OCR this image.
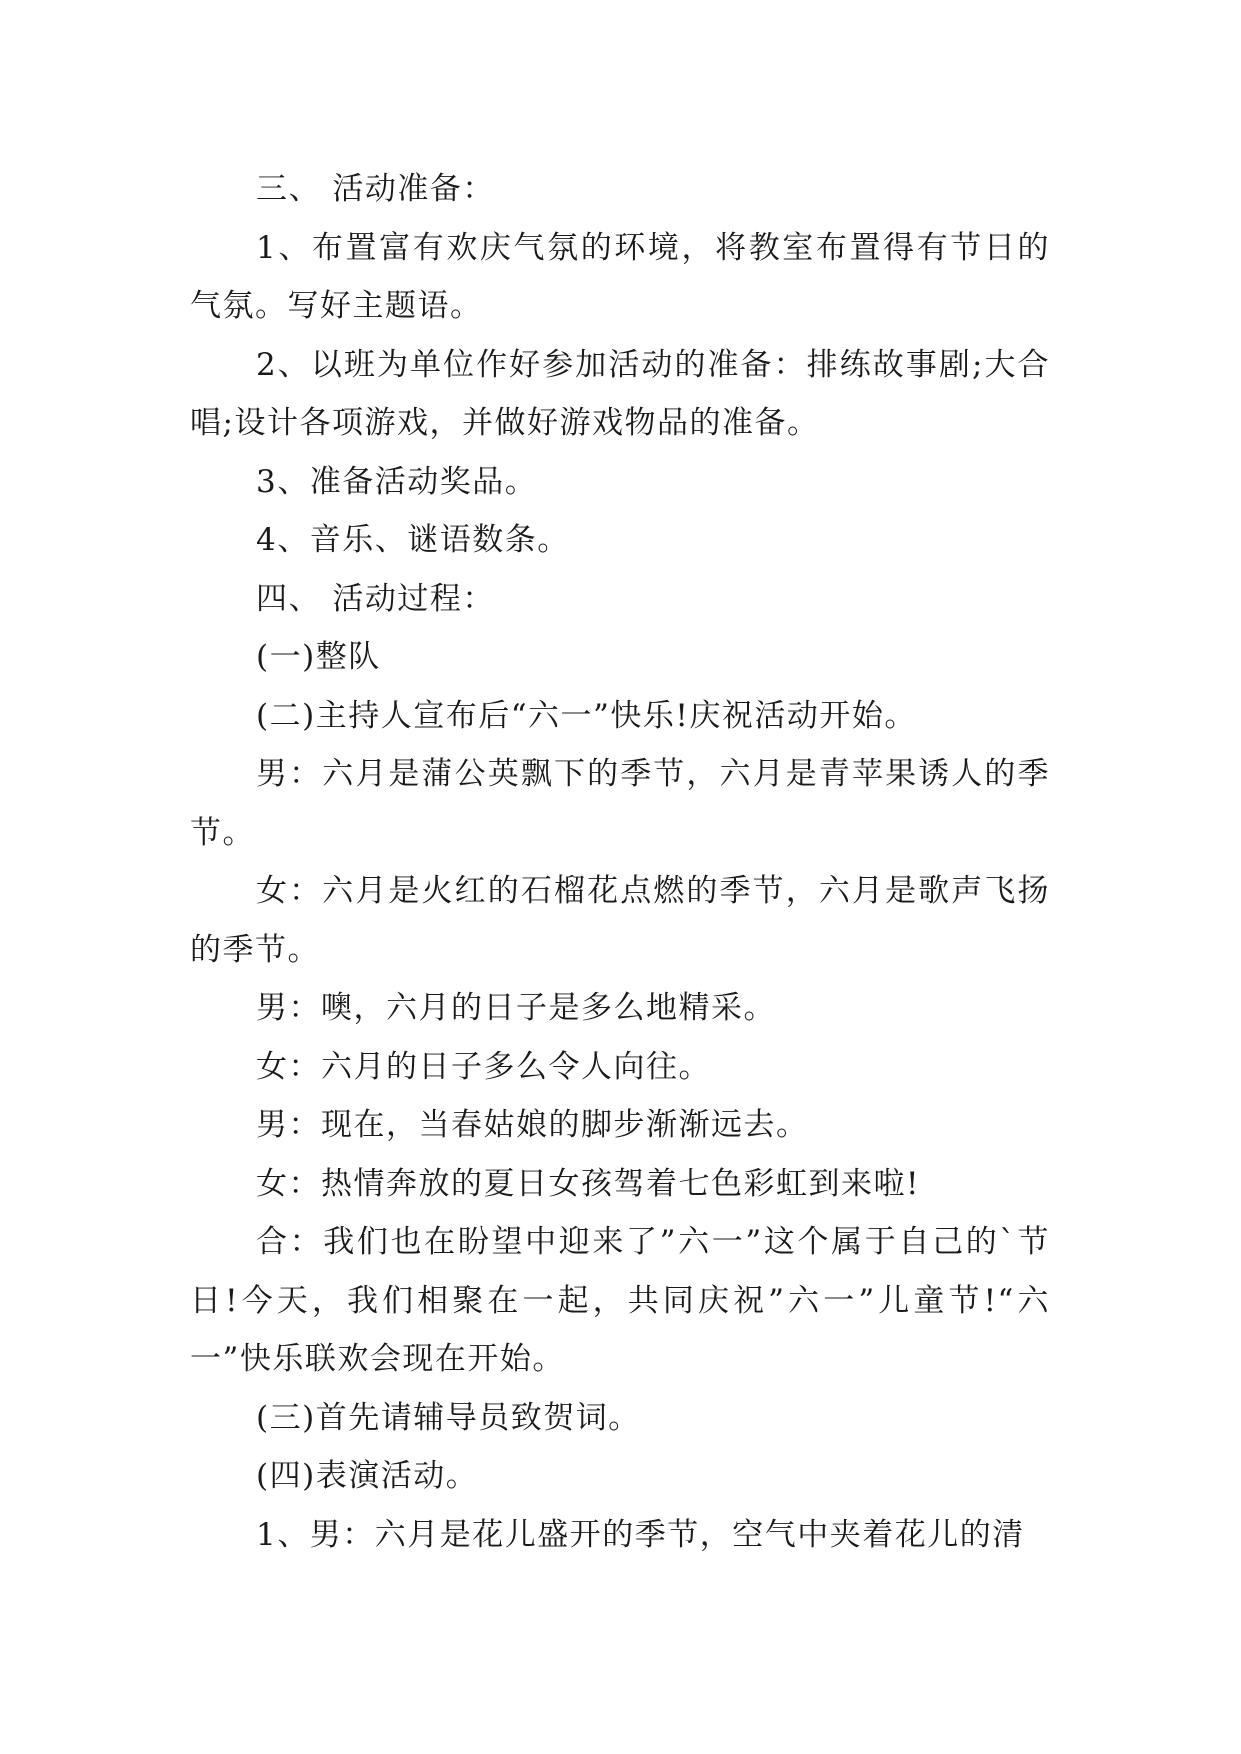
三、 活动准备：

1、布置富有欢庆气氛的环境，将教室布置得有节日的气氛。写好主题语。

2、以班为单位作好参加活动的准备：排练故事剧;大合唱;设计各项游戏，并做好游戏物品的准备。

3、准备活动奖品。

4、音乐、谜语数条。

四、 活动过程：

(一)整队

(二)主持人宣布后“六一”快乐!庆祝活动开始。

男：六月是蒲公英飘下的季节，六月是青苹果诱人的季节。

女：六月是火红的石榴花点燃的季节，六月是歌声飞扬的季节。

男：噢，六月的日子是多么地精采。

女：六月的日子多么令人向往。

男：现在，当春姑娘的脚步渐渐远去。

女：热情奔放的夏日女孩驾着七色彩虹到来啦!

合：我们也在盼望中迎来了”六一”这个属于自己的`节日!今天，我们相聚在一起，共同庆祝”六一”儿童节!“六一”快乐联欢会现在开始。

(三)首先请辅导员致贺词。

(四)表演活动。

1、男：六月是花儿盛开的季节，空气中夹着花儿的清
